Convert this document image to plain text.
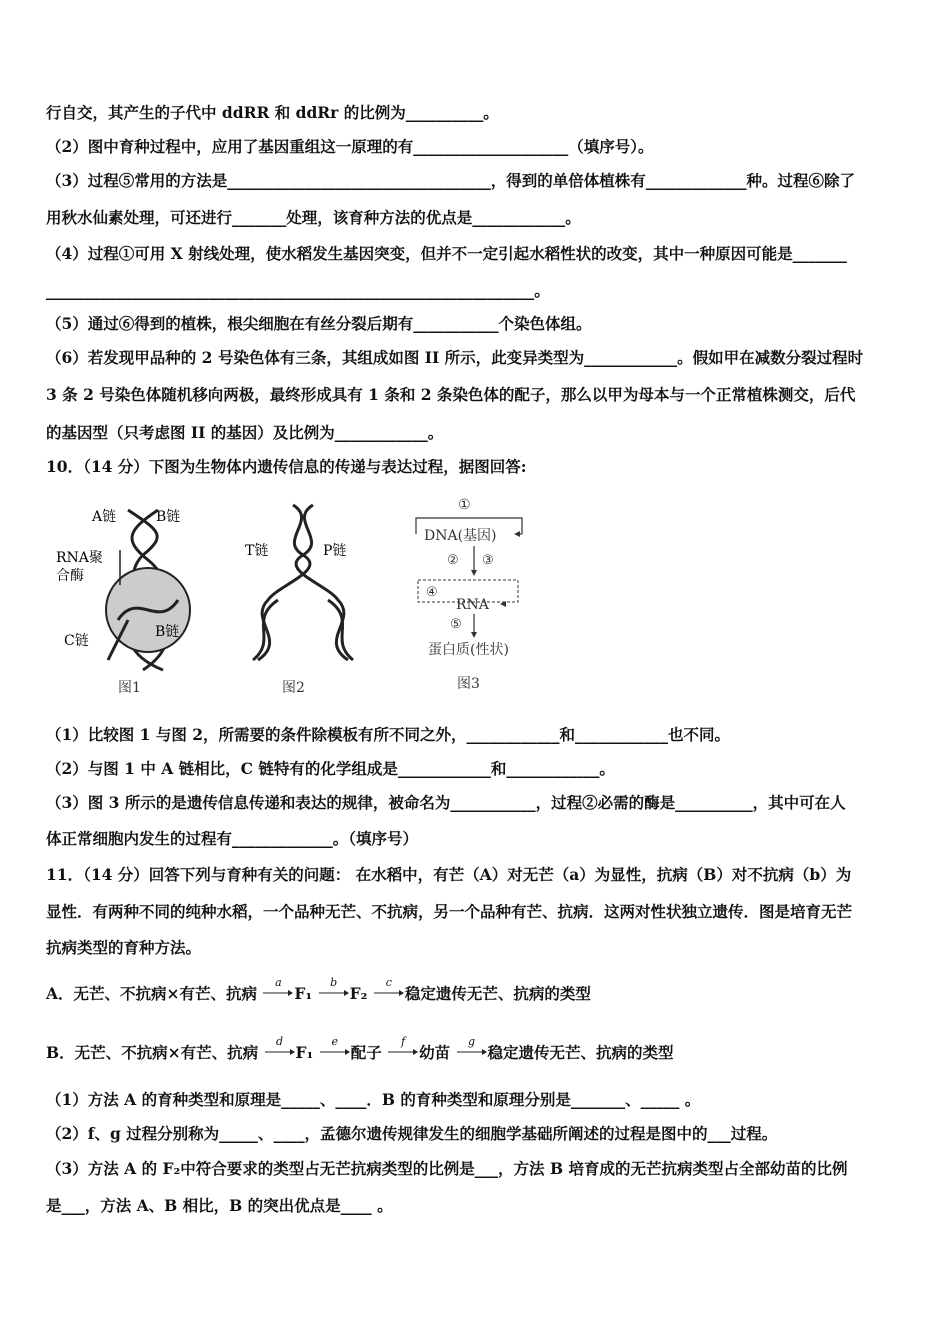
行自交，其产生的子代中 ddRR 和 ddRr 的比例为__________。
（2）图中育种过程中，应用了基因重组这一原理的有____________________（填序号）。
（3）过程⑤常用的方法是__________________________________，得到的单倍体植株有_____________种。过程⑥除了
用秋水仙素处理，可还进行_______处理，该育种方法的优点是____________。
（4）过程①可用 X 射线处理，使水稻发生基因突变，但并不一定引起水稻性状的改变，其中一种原因可能是_______
_______________________________________________________________。
（5）通过⑥得到的植株，根尖细胞在有丝分裂后期有___________个染色体组。
（6）若发现甲品种的 2 号染色体有三条，其组成如图 II 所示，此变异类型为____________。假如甲在减数分裂过程时
3 条 2 号染色体随机移向两极，最终形成具有 1 条和 2 条染色体的配子，那么以甲为母本与一个正常植株测交，后代
的基因型（只考虑图 II 的基因）及比例为____________。
10．（14 分）下图为生物体内遗传信息的传递与表达过程，据图回答:
A链	B链
RNA聚
合酶
C链
B链
图1
T链	P链
图2
①
DNA(基因)
② ③
④
RNA
⑤
蛋白质(性状)
图3
（1）比较图 1 与图 2，所需要的条件除模板有所不同之外，____________和____________也不同。
（2）与图 1 中 A 链相比，C 链特有的化学组成是____________和____________。
（3）图 3 所示的是遗传信息传递和表达的规律，被命名为___________，过程②必需的酶是__________，其中可在人
体正常细胞内发生的过程有_____________。（填序号）
11．（14 分）回答下列与育种有关的问题： 在水稻中，有芒（A）对无芒（a）为显性，抗病（B）对不抗病（b）为
显性．有两种不同的纯种水稻，一个品种无芒、不抗病，另一个品种有芒、抗病．这两对性状独立遗传．图是培育无芒
抗病类型的育种方法。
A．无芒、不抗病×有芒、抗病
a
F₁
b
F₂
c
稳定遗传无芒、抗病的类型
B．无芒、不抗病×有芒、抗病
d
F₁
e
配子
f
幼苗
g
稳定遗传无芒、抗病的类型
（1）方法 A 的育种类型和原理是_____、____．B 的育种类型和原理分别是_______、_____ 。
（2）f、g 过程分别称为_____、____，孟德尔遗传规律发生的细胞学基础所阐述的过程是图中的___过程。
（3）方法 A 的 F₂中符合要求的类型占无芒抗病类型的比例是___，方法 B 培育成的无芒抗病类型占全部幼苗的比例
是___，方法 A、B 相比，B 的突出优点是____ 。
